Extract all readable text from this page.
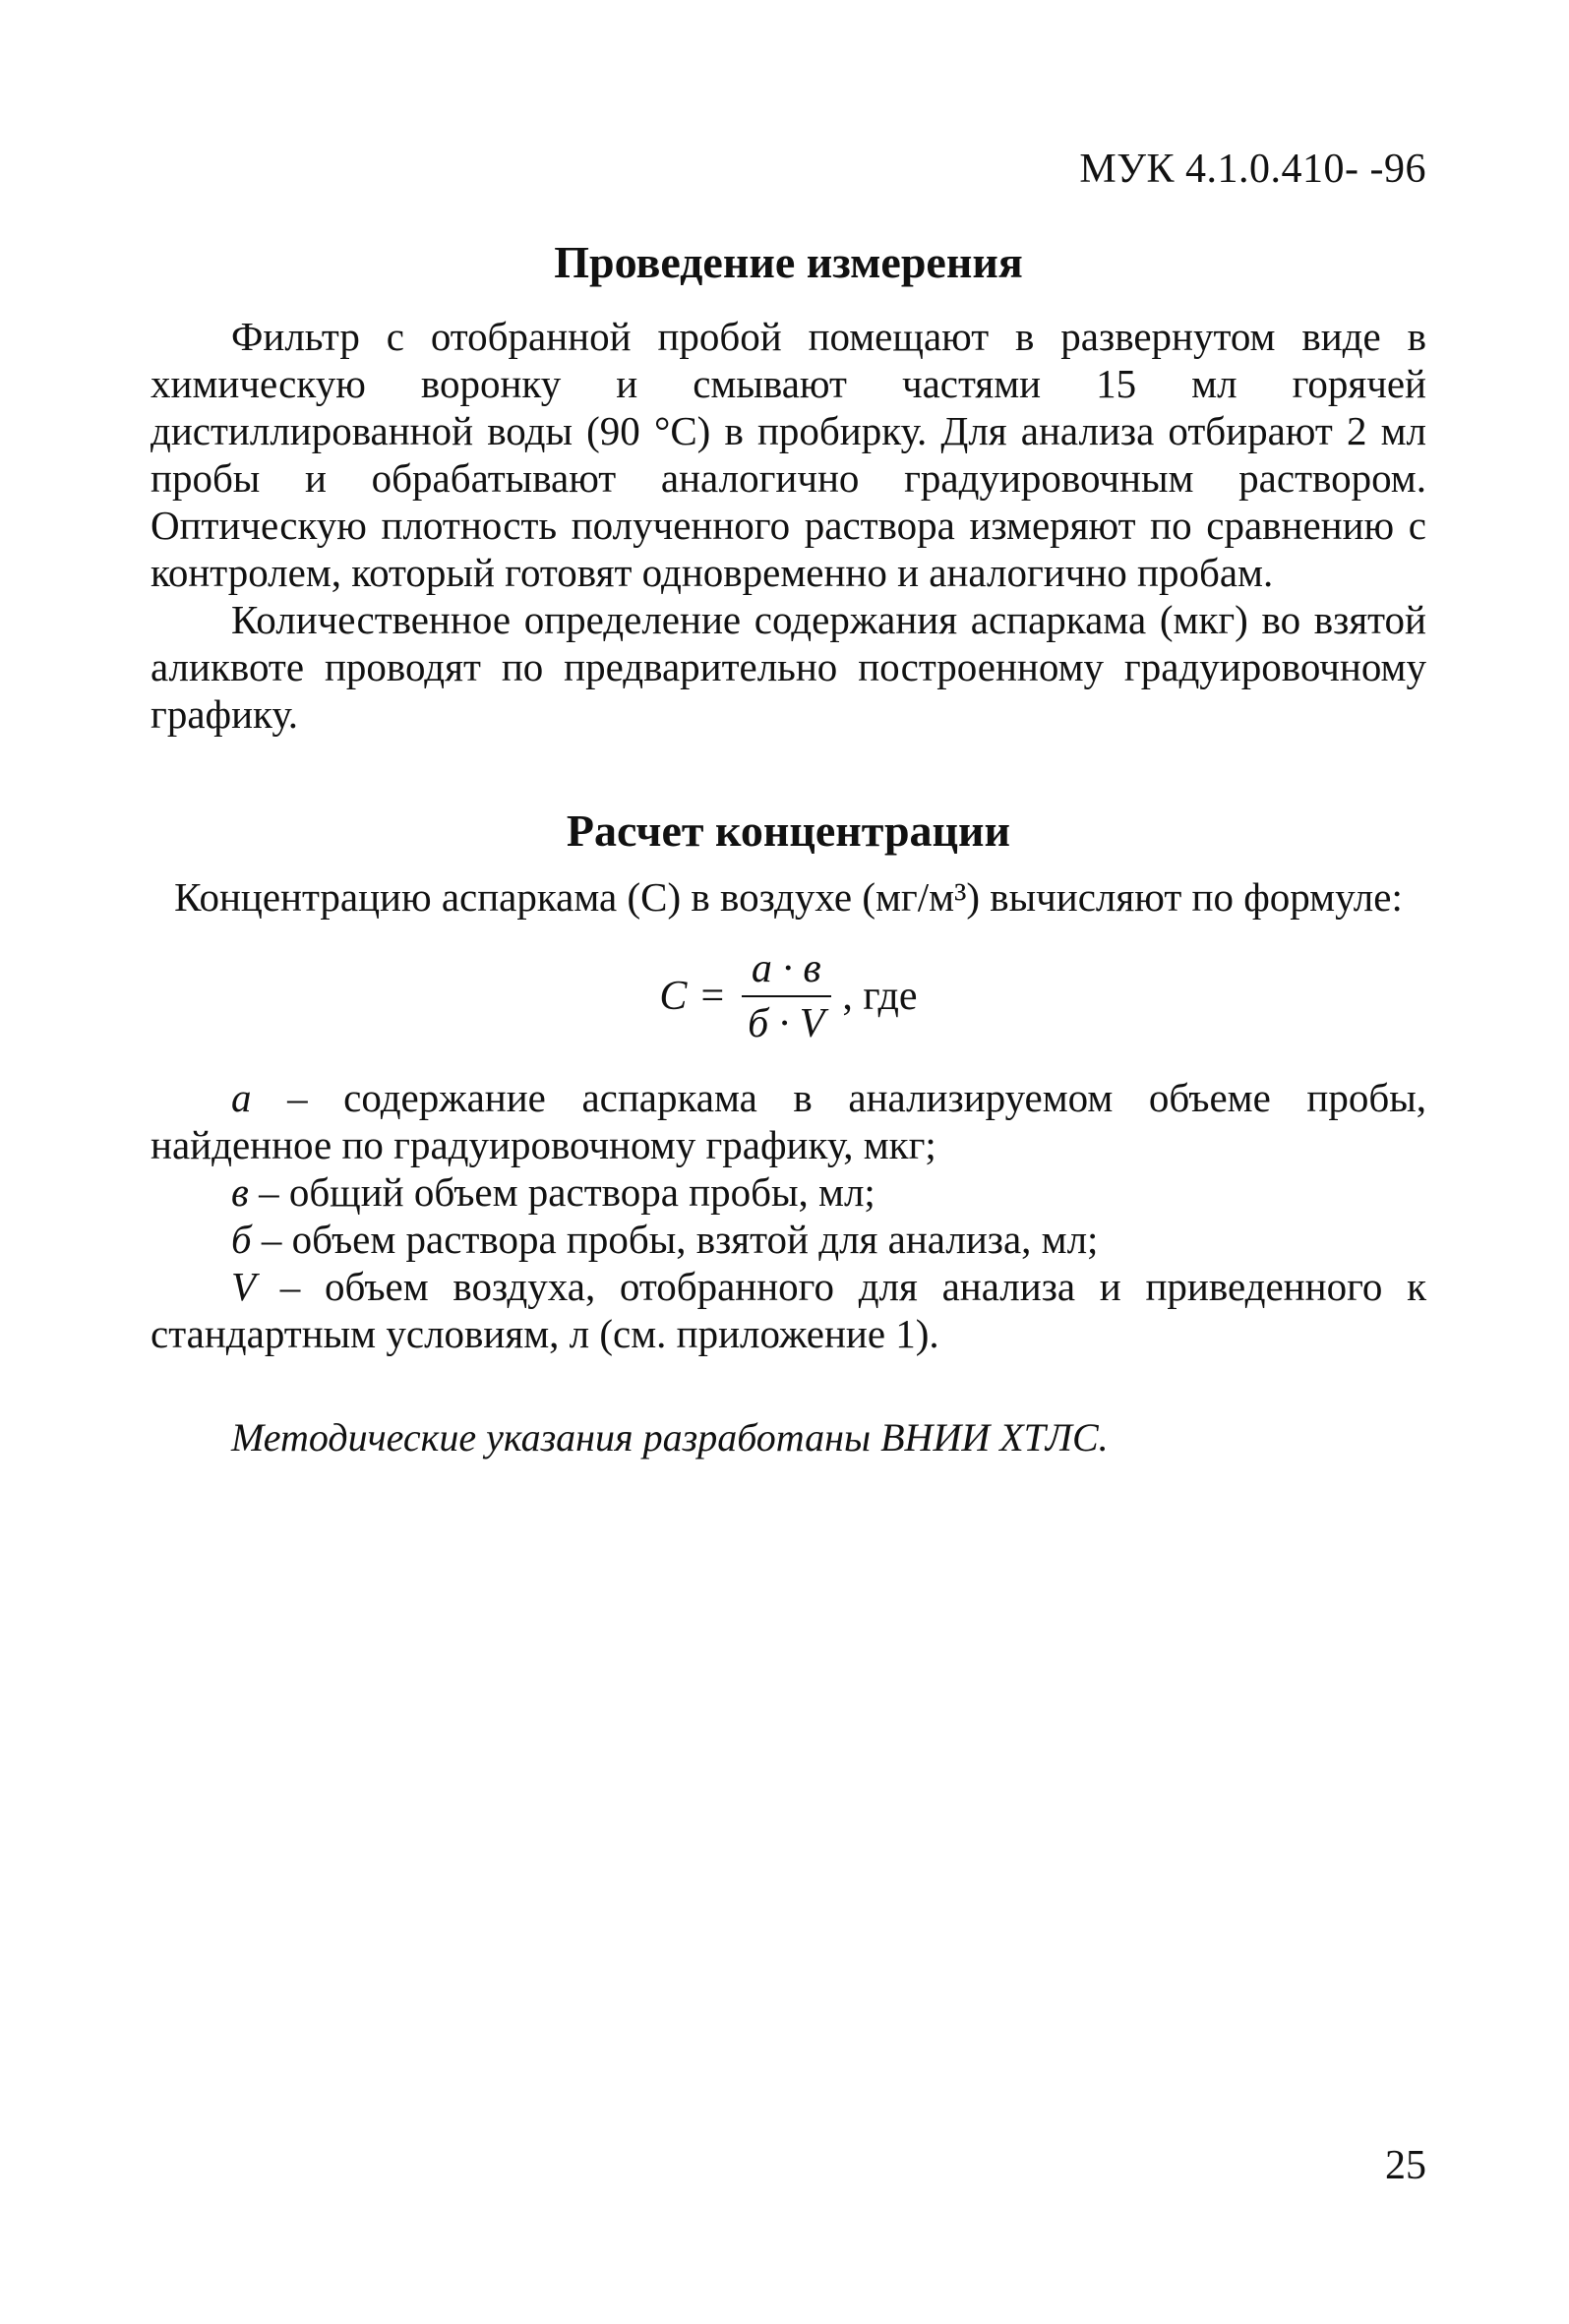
МУК 4.1.0.410- -96
Проведение измерения

Фильтр с отобранной пробой помещают в развернутом виде в химическую воронку и смывают частями 15 мл горячей дистиллированной воды (90 °С) в пробирку. Для анализа отбирают 2 мл пробы и обрабатывают аналогично градуировочным раствором. Оптическую плотность полученного раствора измеряют по сравнению с контролем, который готовят одновременно и аналогично пробам.

Количественное определение содержания аспаркама (мкг) во взятой аликвоте проводят по предварительно построенному градуировочному графику.

Расчет концентрации

Концентрацию аспаркама (С) в воздухе (мг/м³) вычисляют по формуле:

$С = \frac{а \cdot в}{б \cdot V}$ , где

а – содержание аспаркама в анализируемом объеме пробы, найденное по градуировочному графику, мкг;

в – общий объем раствора пробы, мл;

б – объем раствора пробы, взятой для анализа, мл;

V – объем воздуха, отобранного для анализа и приведенного к стандартным условиям, л (см. приложение 1).

Методические указания разработаны ВНИИ ХТЛС.

25
